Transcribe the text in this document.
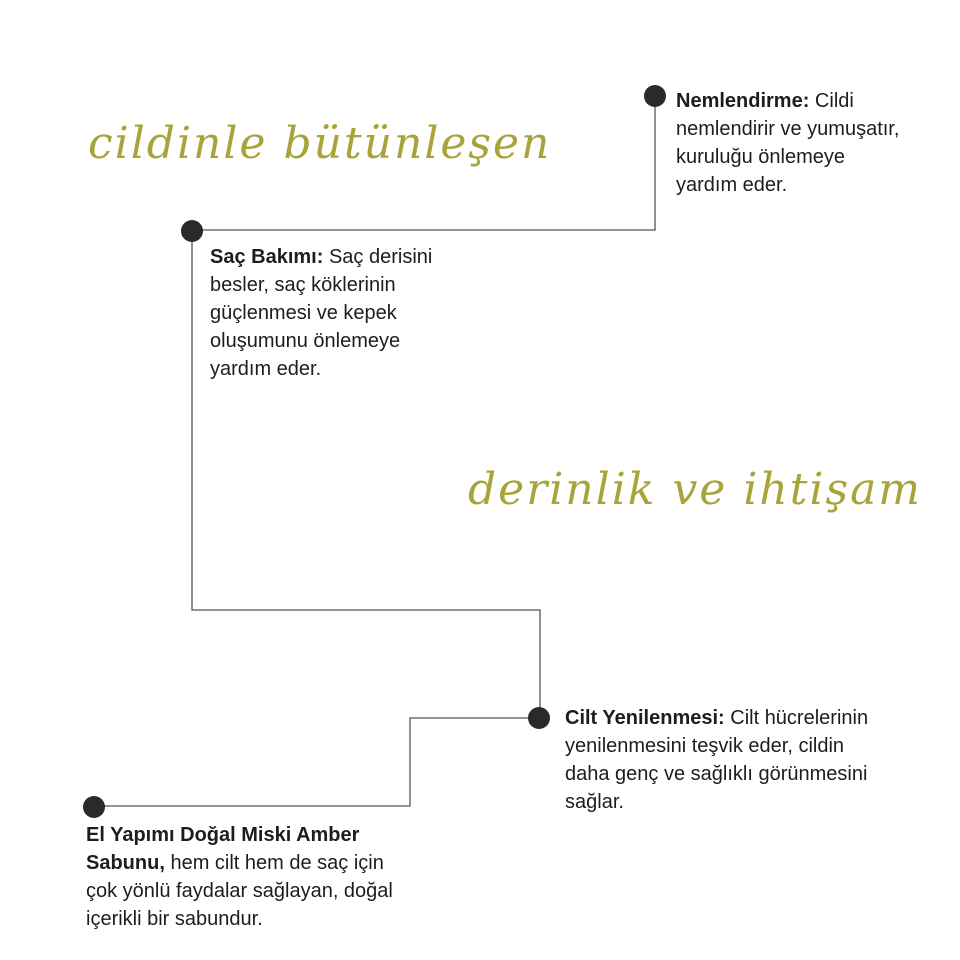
cildinle bütünleşen
derinlik ve ihtişam
Nemlendirme: Cildi
nemlendirir ve yumuşatır,
kuruluğu önlemeye
yardım eder.
Saç Bakımı: Saç derisini
besler, saç köklerinin
güçlenmesi ve kepek
oluşumunu önlemeye
yardım eder.
Cilt Yenilenmesi: Cilt hücrelerinin
yenilenmesini teşvik eder, cildin
daha genç ve sağlıklı görünmesini
sağlar.
El Yapımı Doğal Miski Amber
Sabunu, hem cilt hem de saç için
çok yönlü faydalar sağlayan, doğal
içerikli bir sabundur.
